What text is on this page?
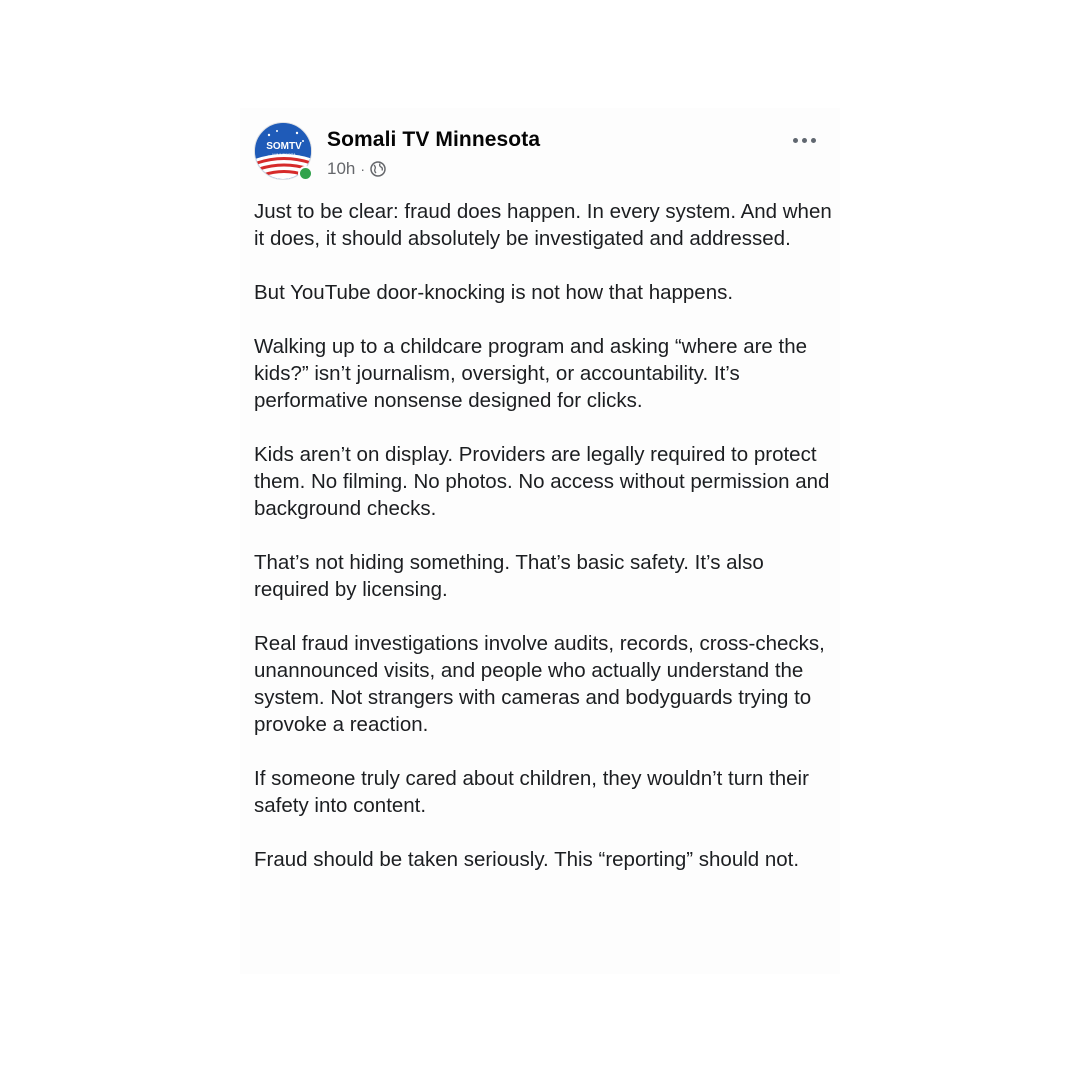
SOMTV
MINNESOTA
Somali TV Minnesota
10h ·

Just to be clear: fraud does happen. In every system. And when it does, it should absolutely be investigated and addressed.

But YouTube door-knocking is not how that happens.

Walking up to a childcare program and asking “where are the kids?” isn’t journalism, oversight, or accountability. It’s performative nonsense designed for clicks.

Kids aren’t on display. Providers are legally required to protect them. No filming. No photos. No access without permission and background checks.

That’s not hiding something. That’s basic safety. It’s also required by licensing.

Real fraud investigations involve audits, records, cross-checks, unannounced visits, and people who actually understand the system. Not strangers with cameras and bodyguards trying to provoke a reaction.

If someone truly cared about children, they wouldn’t turn their safety into content.

Fraud should be taken seriously. This “reporting” should not.
